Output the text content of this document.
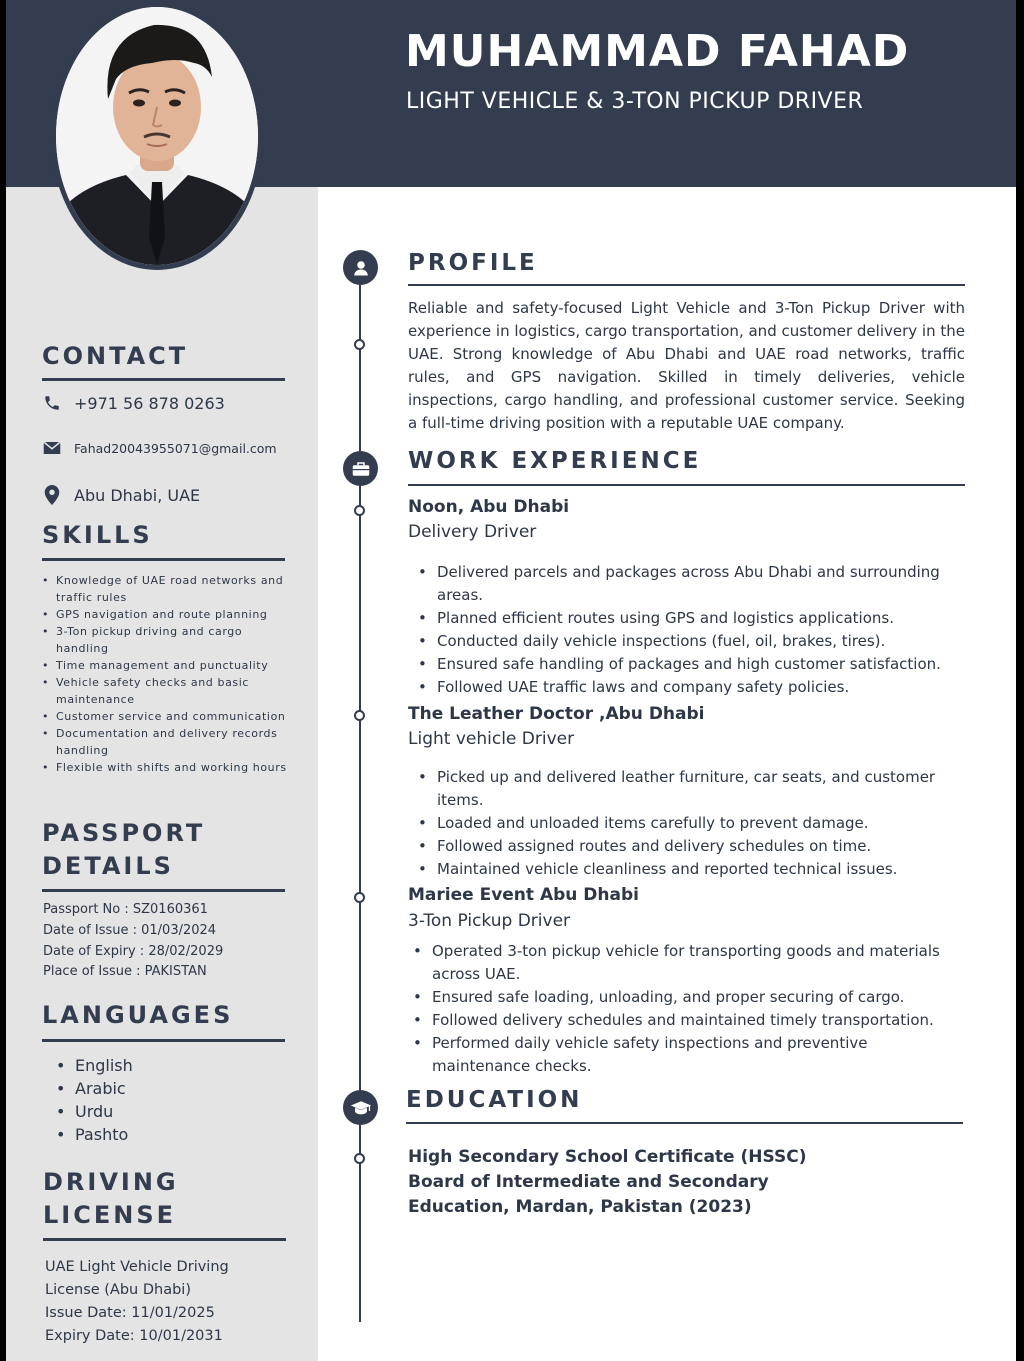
MUHAMMAD FAHAD
LIGHT VEHICLE & 3-TON PICKUP DRIVER
CONTACT
+971 56 878 0263
Fahad20043955071@gmail.com
Abu Dhabi, UAE
SKILLS
• Knowledge of UAE road networks and traffic rules
• GPS navigation and route planning
• 3-Ton pickup driving and cargo handling
• Time management and punctuality
• Vehicle safety checks and basic maintenance
• Customer service and communication
• Documentation and delivery records handling
• Flexible with shifts and working hours
PASSPORT
DETAILS
Passport No : SZ0160361
Date of Issue : 01/03/2024
Date of Expiry : 28/02/2029
Place of Issue : PAKISTAN
LANGUAGES
• English
• Arabic
• Urdu
• Pashto
DRIVING
LICENSE
UAE Light Vehicle Driving
License (Abu Dhabi)
Issue Date: 11/01/2025
Expiry Date: 10/01/2031
PROFILE
Reliable and safety-focused Light Vehicle and 3-Ton Pickup Driver with experience in logistics, cargo transportation, and customer delivery in the UAE. Strong knowledge of Abu Dhabi and UAE road networks, traffic rules, and GPS navigation. Skilled in timely deliveries, vehicle inspections, cargo handling, and professional customer service. Seeking a full-time driving position with a reputable UAE company.
WORK EXPERIENCE
Noon, Abu Dhabi
Delivery Driver
• Delivered parcels and packages across Abu Dhabi and surrounding areas.
• Planned efficient routes using GPS and logistics applications.
• Conducted daily vehicle inspections (fuel, oil, brakes, tires).
• Ensured safe handling of packages and high customer satisfaction.
• Followed UAE traffic laws and company safety policies.
The Leather Doctor ,Abu Dhabi
Light vehicle Driver
• Picked up and delivered leather furniture, car seats, and customer items.
• Loaded and unloaded items carefully to prevent damage.
• Followed assigned routes and delivery schedules on time.
• Maintained vehicle cleanliness and reported technical issues.
Mariee Event Abu Dhabi
3-Ton Pickup Driver
• Operated 3-ton pickup vehicle for transporting goods and materials across UAE.
• Ensured safe loading, unloading, and proper securing of cargo.
• Followed delivery schedules and maintained timely transportation.
• Performed daily vehicle safety inspections and preventive maintenance checks.
EDUCATION
High Secondary School Certificate (HSSC)
Board of Intermediate and Secondary
Education, Mardan, Pakistan (2023)
